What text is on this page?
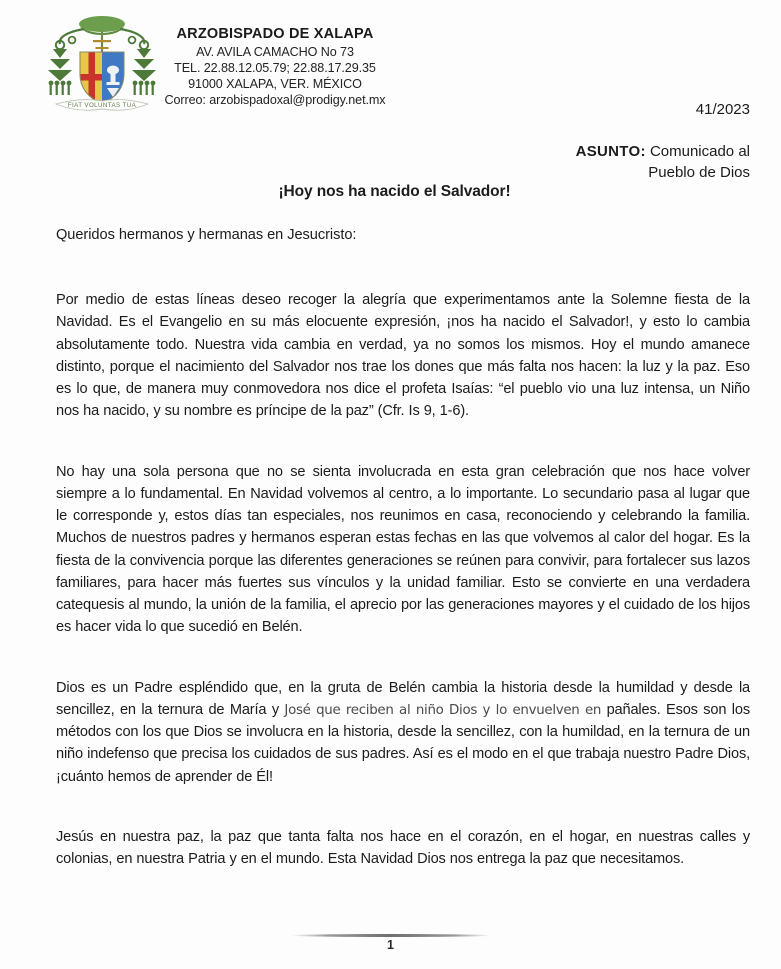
FIAT VOLUNTAS TUA
ARZOBISPADO DE XALAPA
AV. AVILA CAMACHO No 73
TEL. 22.88.12.05.79; 22.88.17.29.35
91000 XALAPA, VER. MÉXICO
Correo: arzobispadoxal@prodigy.net.mx
41/2023
ASUNTO: Comunicado al
Pueblo de Dios
¡Hoy nos ha nacido el Salvador!

Queridos hermanos y hermanas en Jesucristo:

Por medio de estas líneas deseo recoger la alegría que experimentamos ante la Solemne fiesta de la Navidad. Es el Evangelio en su más elocuente expresión, ¡nos ha nacido el Salvador!, y esto lo cambia absolutamente todo. Nuestra vida cambia en verdad, ya no somos los mismos. Hoy el mundo amanece distinto, porque el nacimiento del Salvador nos trae los dones que más falta nos hacen: la luz y la paz. Eso es lo que, de manera muy conmovedora nos dice el profeta Isaías: “el pueblo vio una luz intensa, un Niño nos ha nacido, y su nombre es príncipe de la paz” (Cfr. Is 9, 1-6).

No hay una sola persona que no se sienta involucrada en esta gran celebración que nos hace volver siempre a lo fundamental. En Navidad volvemos al centro, a lo importante. Lo secundario pasa al lugar que le corresponde y, estos días tan especiales, nos reunimos en casa, reconociendo y celebrando la familia. Muchos de nuestros padres y hermanos esperan estas fechas en las que volvemos al calor del hogar. Es la fiesta de la convivencia porque las diferentes generaciones se reúnen para convivir, para fortalecer sus lazos familiares, para hacer más fuertes sus vínculos y la unidad familiar. Esto se convierte en una verdadera catequesis al mundo, la unión de la familia, el aprecio por las generaciones mayores y el cuidado de los hijos es hacer vida lo que sucedió en Belén.

Dios es un Padre espléndido que, en la gruta de Belén cambia la historia desde la humildad y desde la sencillez, en la ternura de María y José que reciben al niño Dios y lo envuelven en pañales. Esos son los métodos con los que Dios se involucra en la historia, desde la sencillez, con la humildad, en la ternura de un niño indefenso que precisa los cuidados de sus padres. Así es el modo en el que trabaja nuestro Padre Dios, ¡cuánto hemos de aprender de Él!

Jesús en nuestra paz, la paz que tanta falta nos hace en el corazón, en el hogar, en nuestras calles y colonias, en nuestra Patria y en el mundo. Esta Navidad Dios nos entrega la paz que necesitamos.

1
